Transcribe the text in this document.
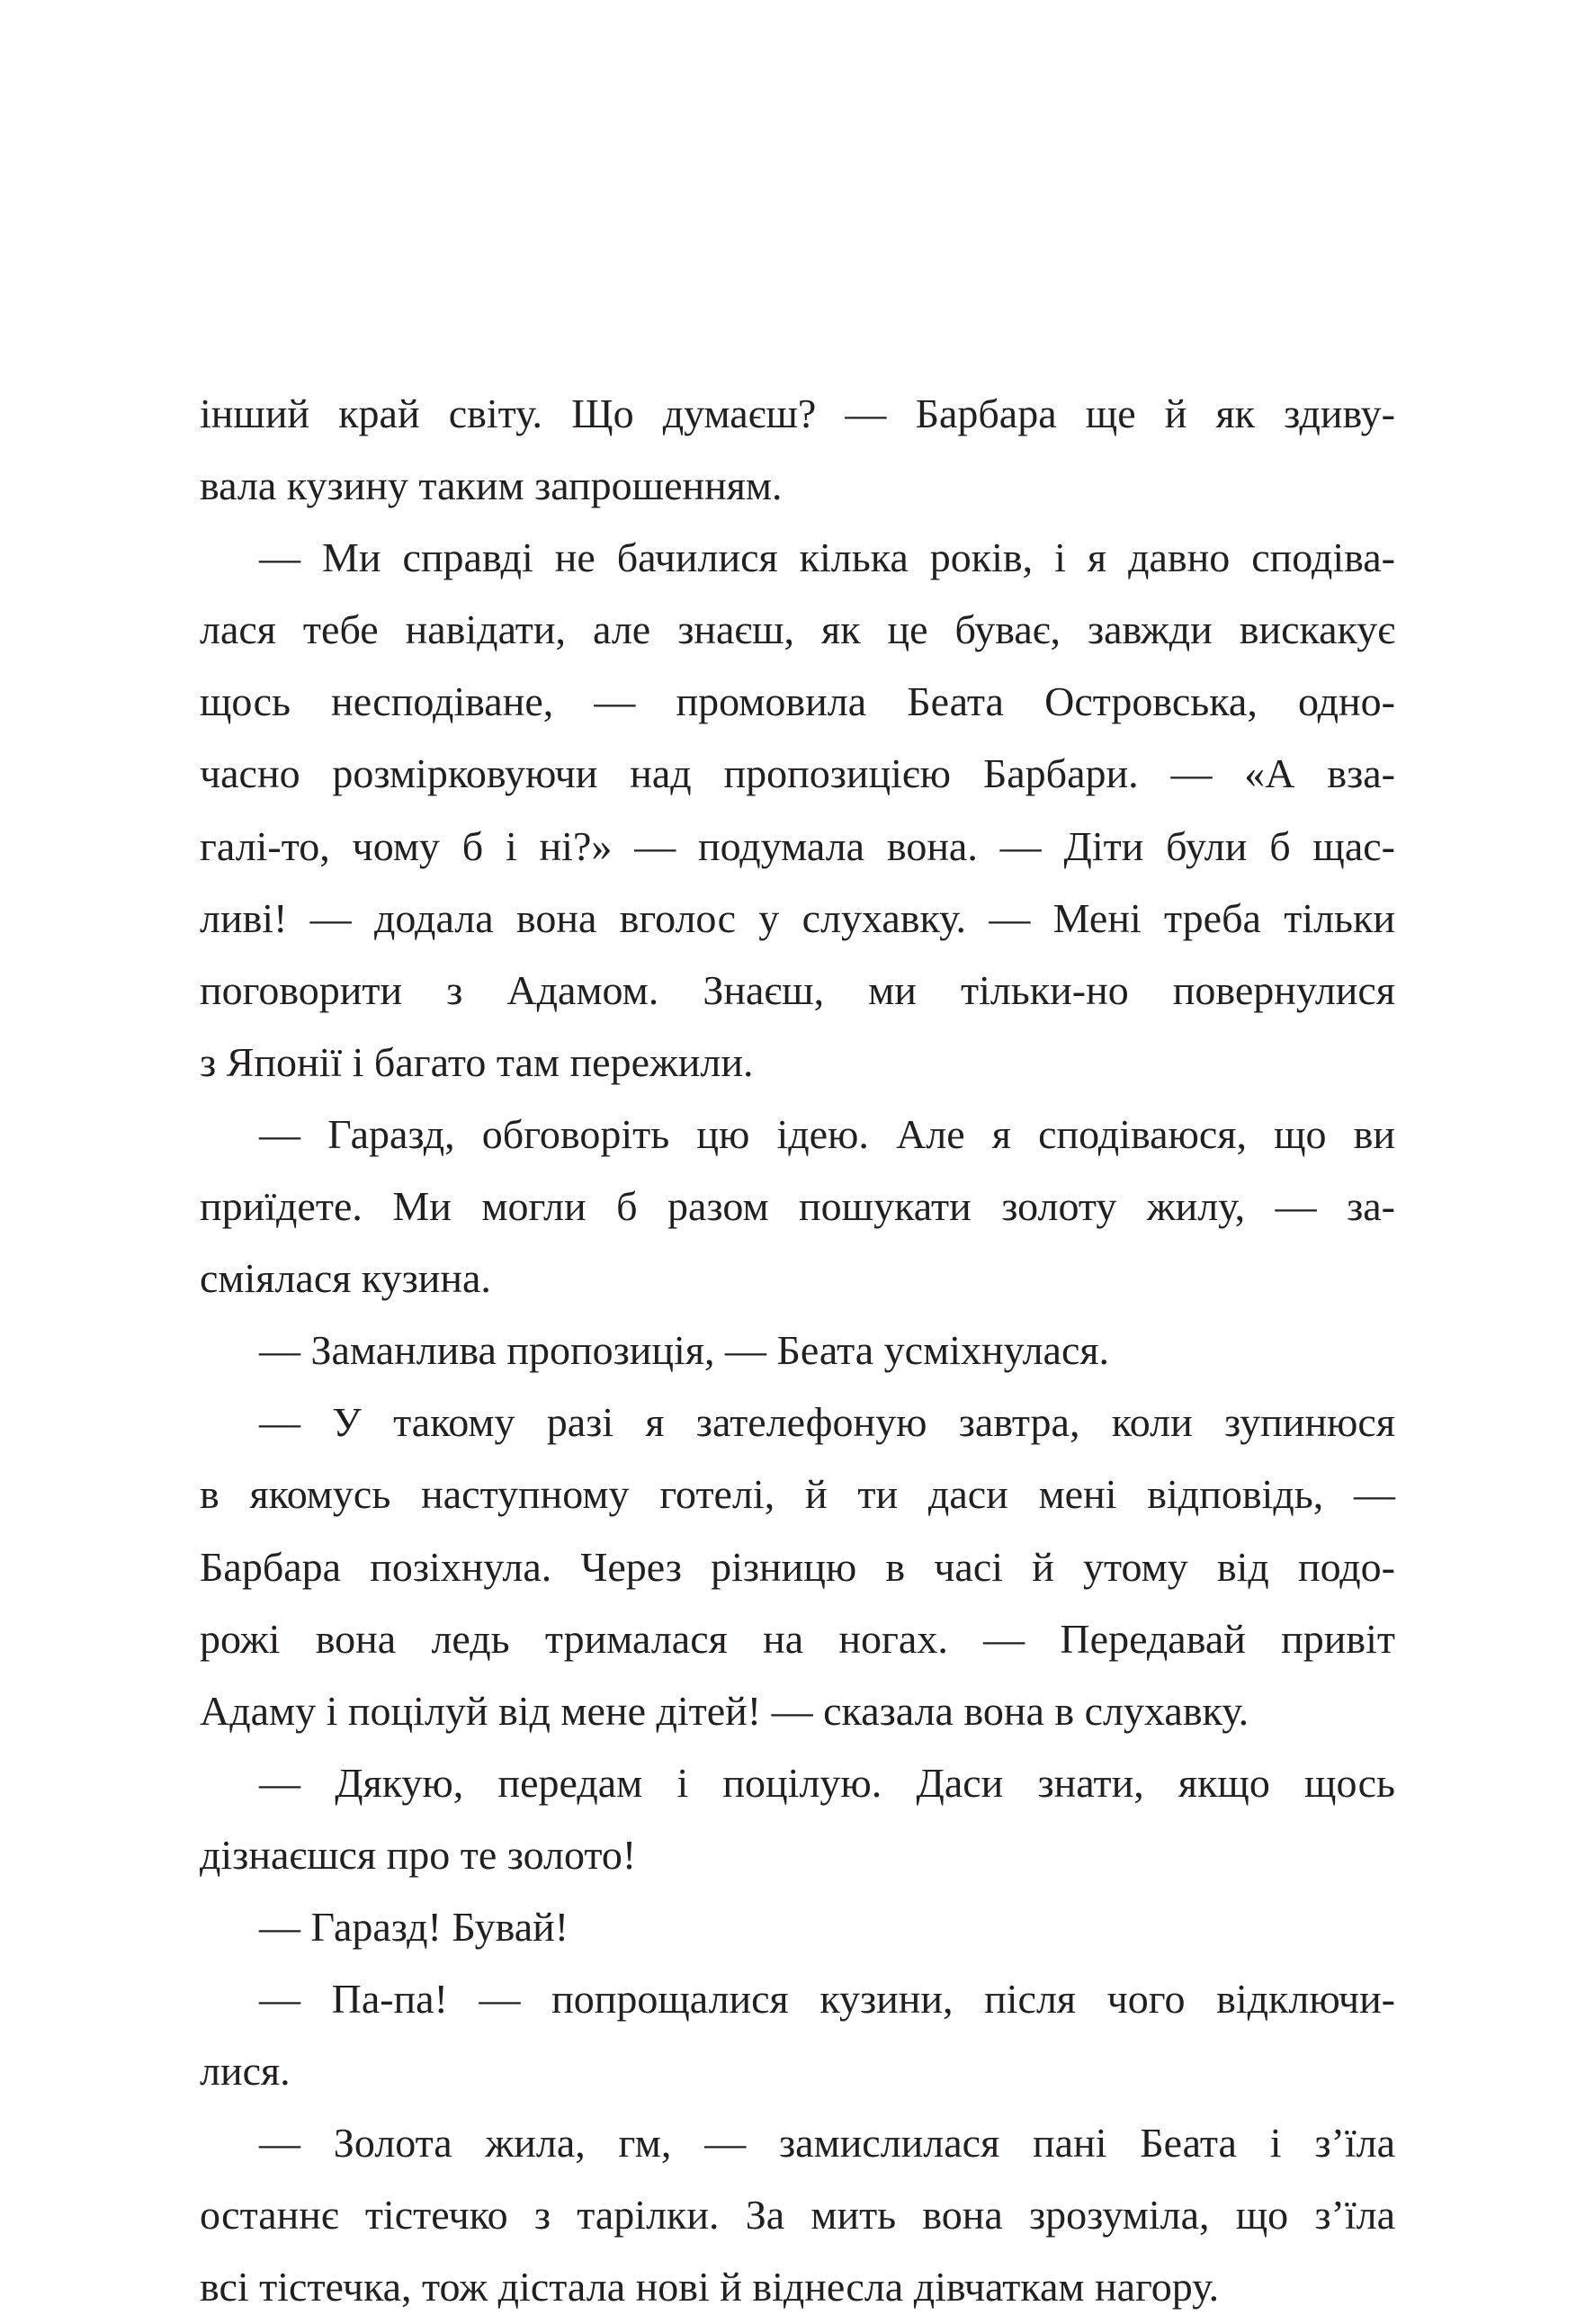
інший край світу. Що думаєш? — Барбара ще й як здиву-
вала кузину таким запрошенням.
— Ми справді не бачилися кілька років, і я давно сподіва-
лася тебе навідати, але знаєш, як це буває, завжди вискакує
щось несподіване, — промовила Беата Островська, одно-
часно розмірковуючи над пропозицією Барбари. — «А вза-
галі-то, чому б і ні?» — подумала вона. — Діти були б щас-
ливі! — додала вона вголос у слухавку. — Мені треба тільки
поговорити з Адамом. Знаєш, ми тільки-но повернулися
з Японії і багато там пережили.
— Гаразд, обговоріть цю ідею. Але я сподіваюся, що ви
приїдете. Ми могли б разом пошукати золоту жилу, — за-
сміялася кузина.
— Заманлива пропозиція, — Беата усміхнулася.
— У такому разі я зателефоную завтра, коли зупинюся
в якомусь наступному готелі, й ти даси мені відповідь, —
Барбара позіхнула. Через різницю в часі й утому від подо-
рожі вона ледь трималася на ногах. — Передавай привіт
Адаму і поцілуй від мене дітей! — сказала вона в слухавку.
— Дякую, передам і поцілую. Даси знати, якщо щось
дізнаєшся про те золото!
— Гаразд! Бувай!
— Па-па! — попрощалися кузини, після чого відключи-
лися.
— Золота жила, гм, — замислилася пані Беата і з’їла
останнє тістечко з тарілки. За мить вона зрозуміла, що з’їла
всі тістечка, тож дістала нові й віднесла дівчаткам нагору.
